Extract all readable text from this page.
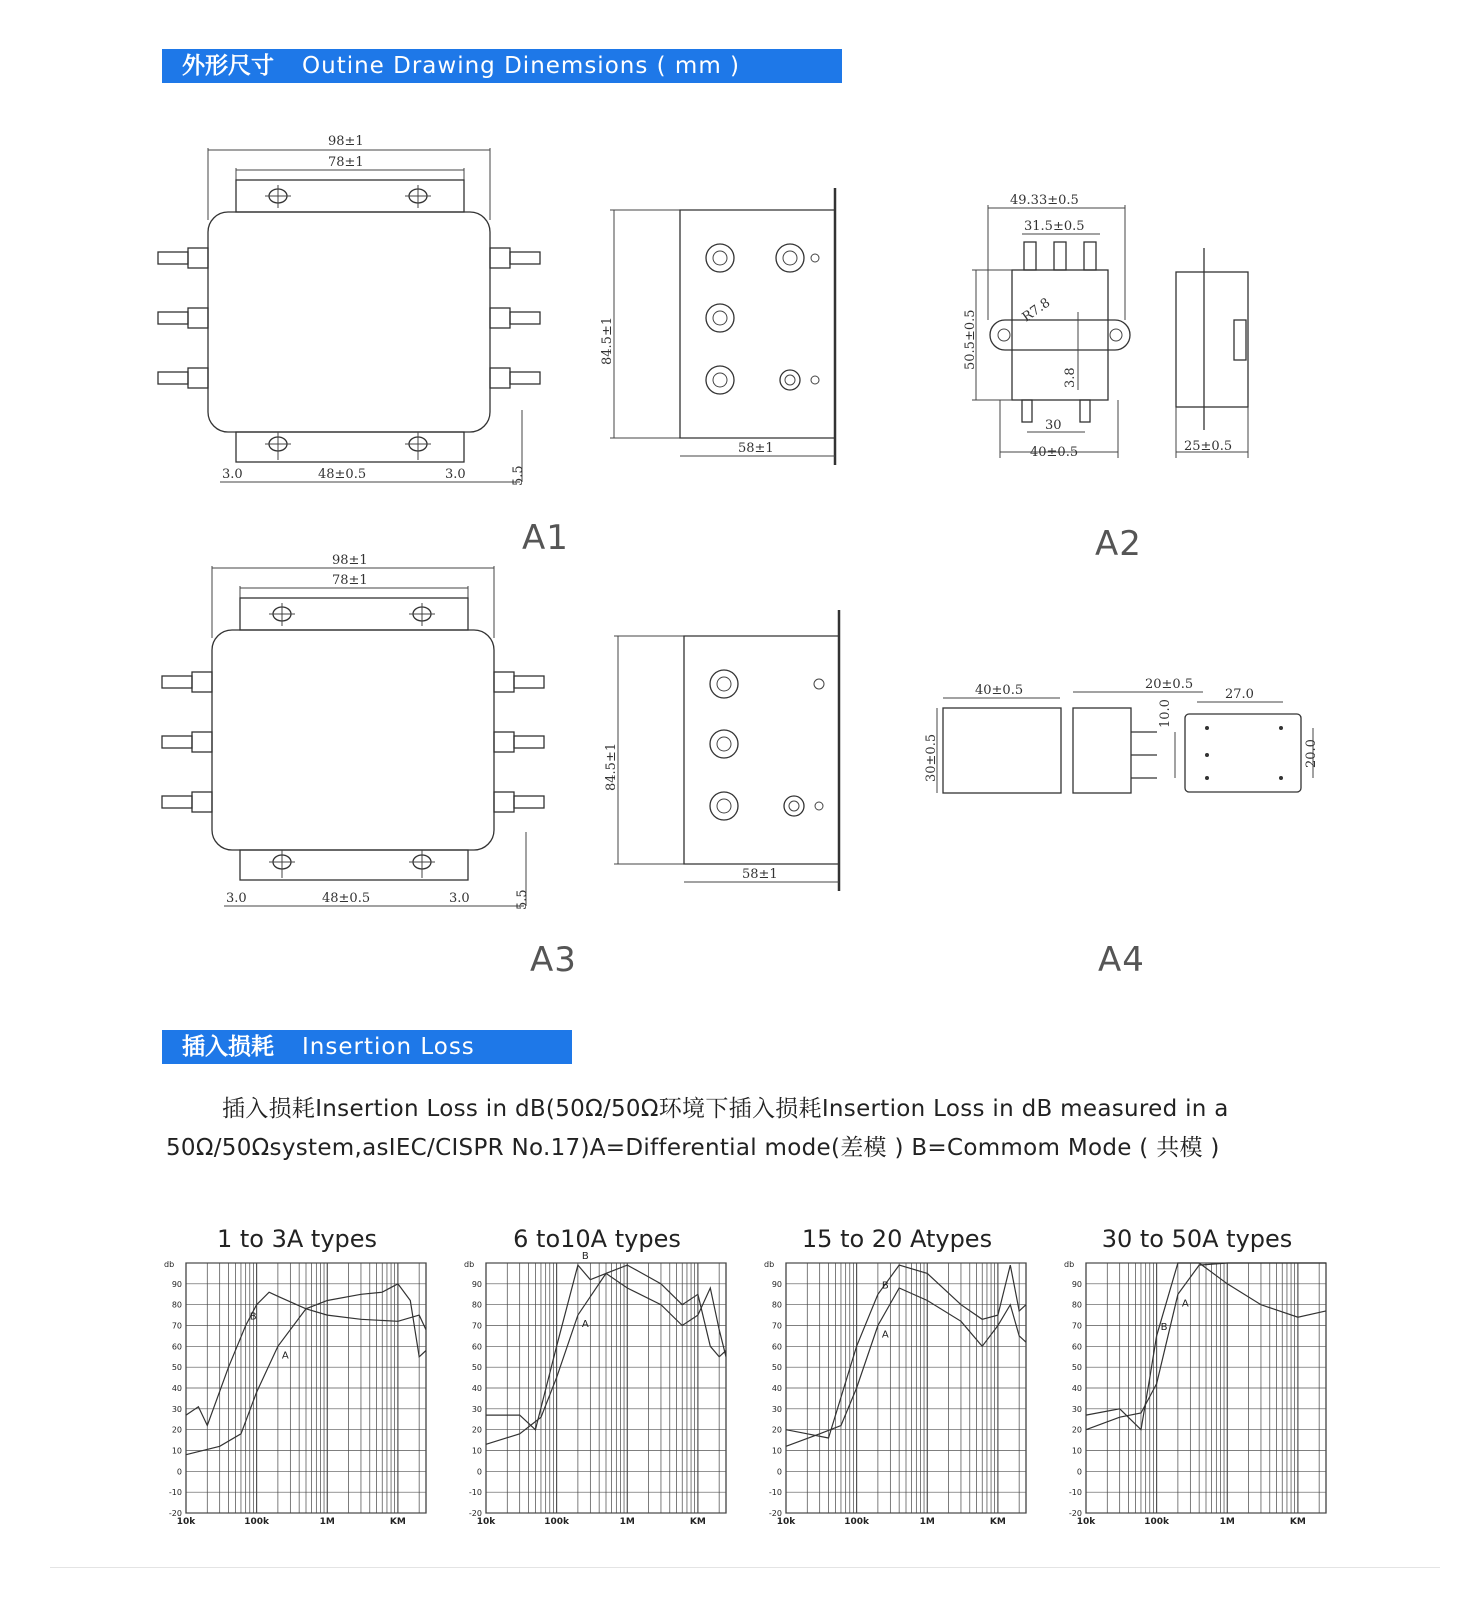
外形尺寸 Outine Drawing Dinemsions ( mm )
98±1
78±1
3.0	48±0.5	3.0	5.5
84.5±1
58±1
A1
49.33±0.5
31.5±0.5
R7.8
3.8
50.5±0.5
30
40±0.5	25±0.5
A2
98±1
78±1
3.0	48±0.5	3.0	5.5
84.5±1
58±1
A3
40±0.5
30±0.5
20±0.5
10.0
27.0
20.0
A4
插入损耗 Insertion Loss
插入损耗Insertion Loss in dB(50Ω/50Ω环境下插入损耗Insertion Loss in dB measured in a 50Ω/50Ωsystem,asIEC/CISPR No.17)A=Differential mode(差模 ) B=Commom Mode ( 共模 )
1 to 3A types	6 to10A types	15 to 20 Atypes	30 to 50A types
db
90
80
70
60
50
40
30
20
10
0
-10
-20
10k	100k	1M	KM
A
B
db
90
80
70
60
50
40
30
20
10
0
-10
-20
10k	100k	1M	KM
A
B
db
90
80
70
60
50
40
30
20
10
0
-10
-20
10k	100k	1M	KM
A
B
db
90
80
70
60
50
40
30
20
10
0
-10
-20
10k	100k	1M	KM
A
B
